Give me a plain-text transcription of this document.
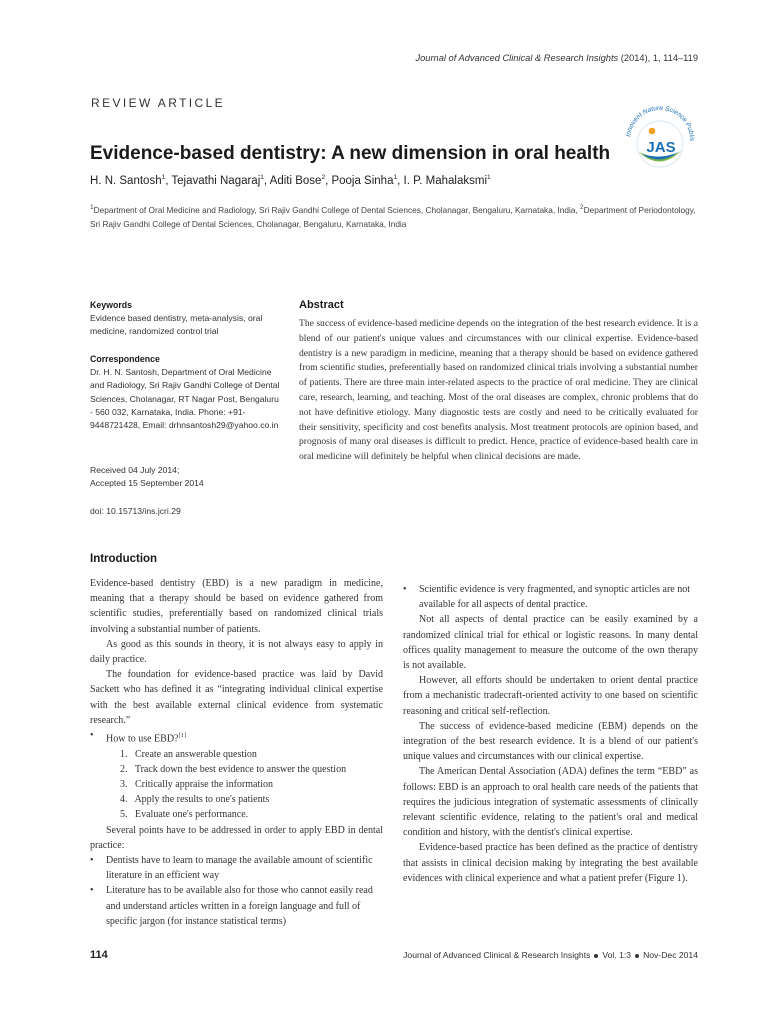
Journal of Advanced Clinical & Research Insights (2014), 1, 114–119
REVIEW ARTICLE
Innovent Nature Science Publis
JAS
Evidence-based dentistry: A new dimension in oral health
H. N. Santosh$^1$, Tejavathi Nagaraj$^1$, Aditi Bose$^2$, Pooja Sinha$^1$, I. P. Mahalaksmi$^1$
$^1$Department of Oral Medicine and Radiology, Sri Rajiv Gandhi College of Dental Sciences, Cholanagar, Bengaluru, Karnataka, India, $^2$Department of Periodontology, Sri Rajiv Gandhi College of Dental Sciences, Cholanagar, Bengaluru, Karnataka, India
Keywords

Evidence based dentistry, meta-analysis, oral medicine, randomized control trial

Correspondence

Dr. H. N. Santosh, Department of Oral Medicine and Radiology, Sri Rajiv Gandhi College of Dental Sciences, Cholanagar, RT Nagar Post, Bengaluru - 560 032, Karnataka, India. Phone: +91-9448721428, Email: drhnsantosh29@yahoo.co.in

Received 04 July 2014;

Accepted 15 September 2014

doi: 10.15713/ins.jcri.29

Abstract
The success of evidence-based medicine depends on the integration of the best research evidence. It is a blend of our patient's unique values and circumstances with our clinical expertise. Evidence-based dentistry is a new paradigm in medicine, meaning that a therapy should be based on evidence gathered from scientific studies, preferentially based on randomized clinical trials involving a substantial number of patients. There are three main inter-related aspects to the practice of oral medicine. They are clinical care, research, learning, and teaching. Most of the oral diseases are complex, chronic problems that do not have definitive etiology. Many diagnostic tests are costly and need to be critically evaluated for their sensitivity, specificity and cost benefits analysis. Most treatment protocols are opinion based, and prognosis of many oral diseases is difficult to predict. Hence, practice of evidence-based health care in oral medicine will definitely be helpful when clinical decisions are made.
Introduction

Evidence-based dentistry (EBD) is a new paradigm in medicine, meaning that a therapy should be based on evidence gathered from scientific studies, preferentially based on randomized clinical trials involving a substantial number of patients.

As good as this sounds in theory, it is not always easy to apply in daily practice.

The foundation for evidence-based practice was laid by David Sackett who has defined it as “integrating individual clinical expertise with the best available external clinical evidence from systematic research.”

•	How to use EBD?[1]
1.   Create an answerable question
2.   Track down the best evidence to answer the question
3.   Critically appraise the information
4.   Apply the results to one's patients
5.   Evaluate one's performance.

Several points have to be addressed in order to apply EBD in dental practice:

•	Dentists have to learn to manage the available amount of scientific literature in an efficient way
•	Literature has to be available also for those who cannot easily read and understand articles written in a foreign language and full of specific jargon (for instance statistical terms)
•	Scientific evidence is very fragmented, and synoptic articles are not available for all aspects of dental practice.

Not all aspects of dental practice can be easily examined by a randomized clinical trial for ethical or logistic reasons. In many dental offices quality management to measure the outcome of the own therapy is not available.

However, all efforts should be undertaken to orient dental practice from a mechanistic tradecraft-oriented activity to one based on scientific reasoning and critical self-reflection.

The success of evidence-based medicine (EBM) depends on the integration of the best research evidence. It is a blend of our patient's unique values and circumstances with our clinical expertise.

The American Dental Association (ADA) defines the term “EBD” as follows: EBD is an approach to oral health care needs of the patients that requires the judicious integration of systematic assessments of clinically relevant scientific evidence, relating to the patient's oral and medical condition and history, with the dentist's clinical expertise.

Evidence-based practice has been defined as the practice of dentistry that assists in clinical decision making by integrating the best available evidences with clinical experience and what a patient prefer (Figure 1).

114	Journal of Advanced Clinical & Research Insights Vol. 1:3 Nov-Dec 2014
